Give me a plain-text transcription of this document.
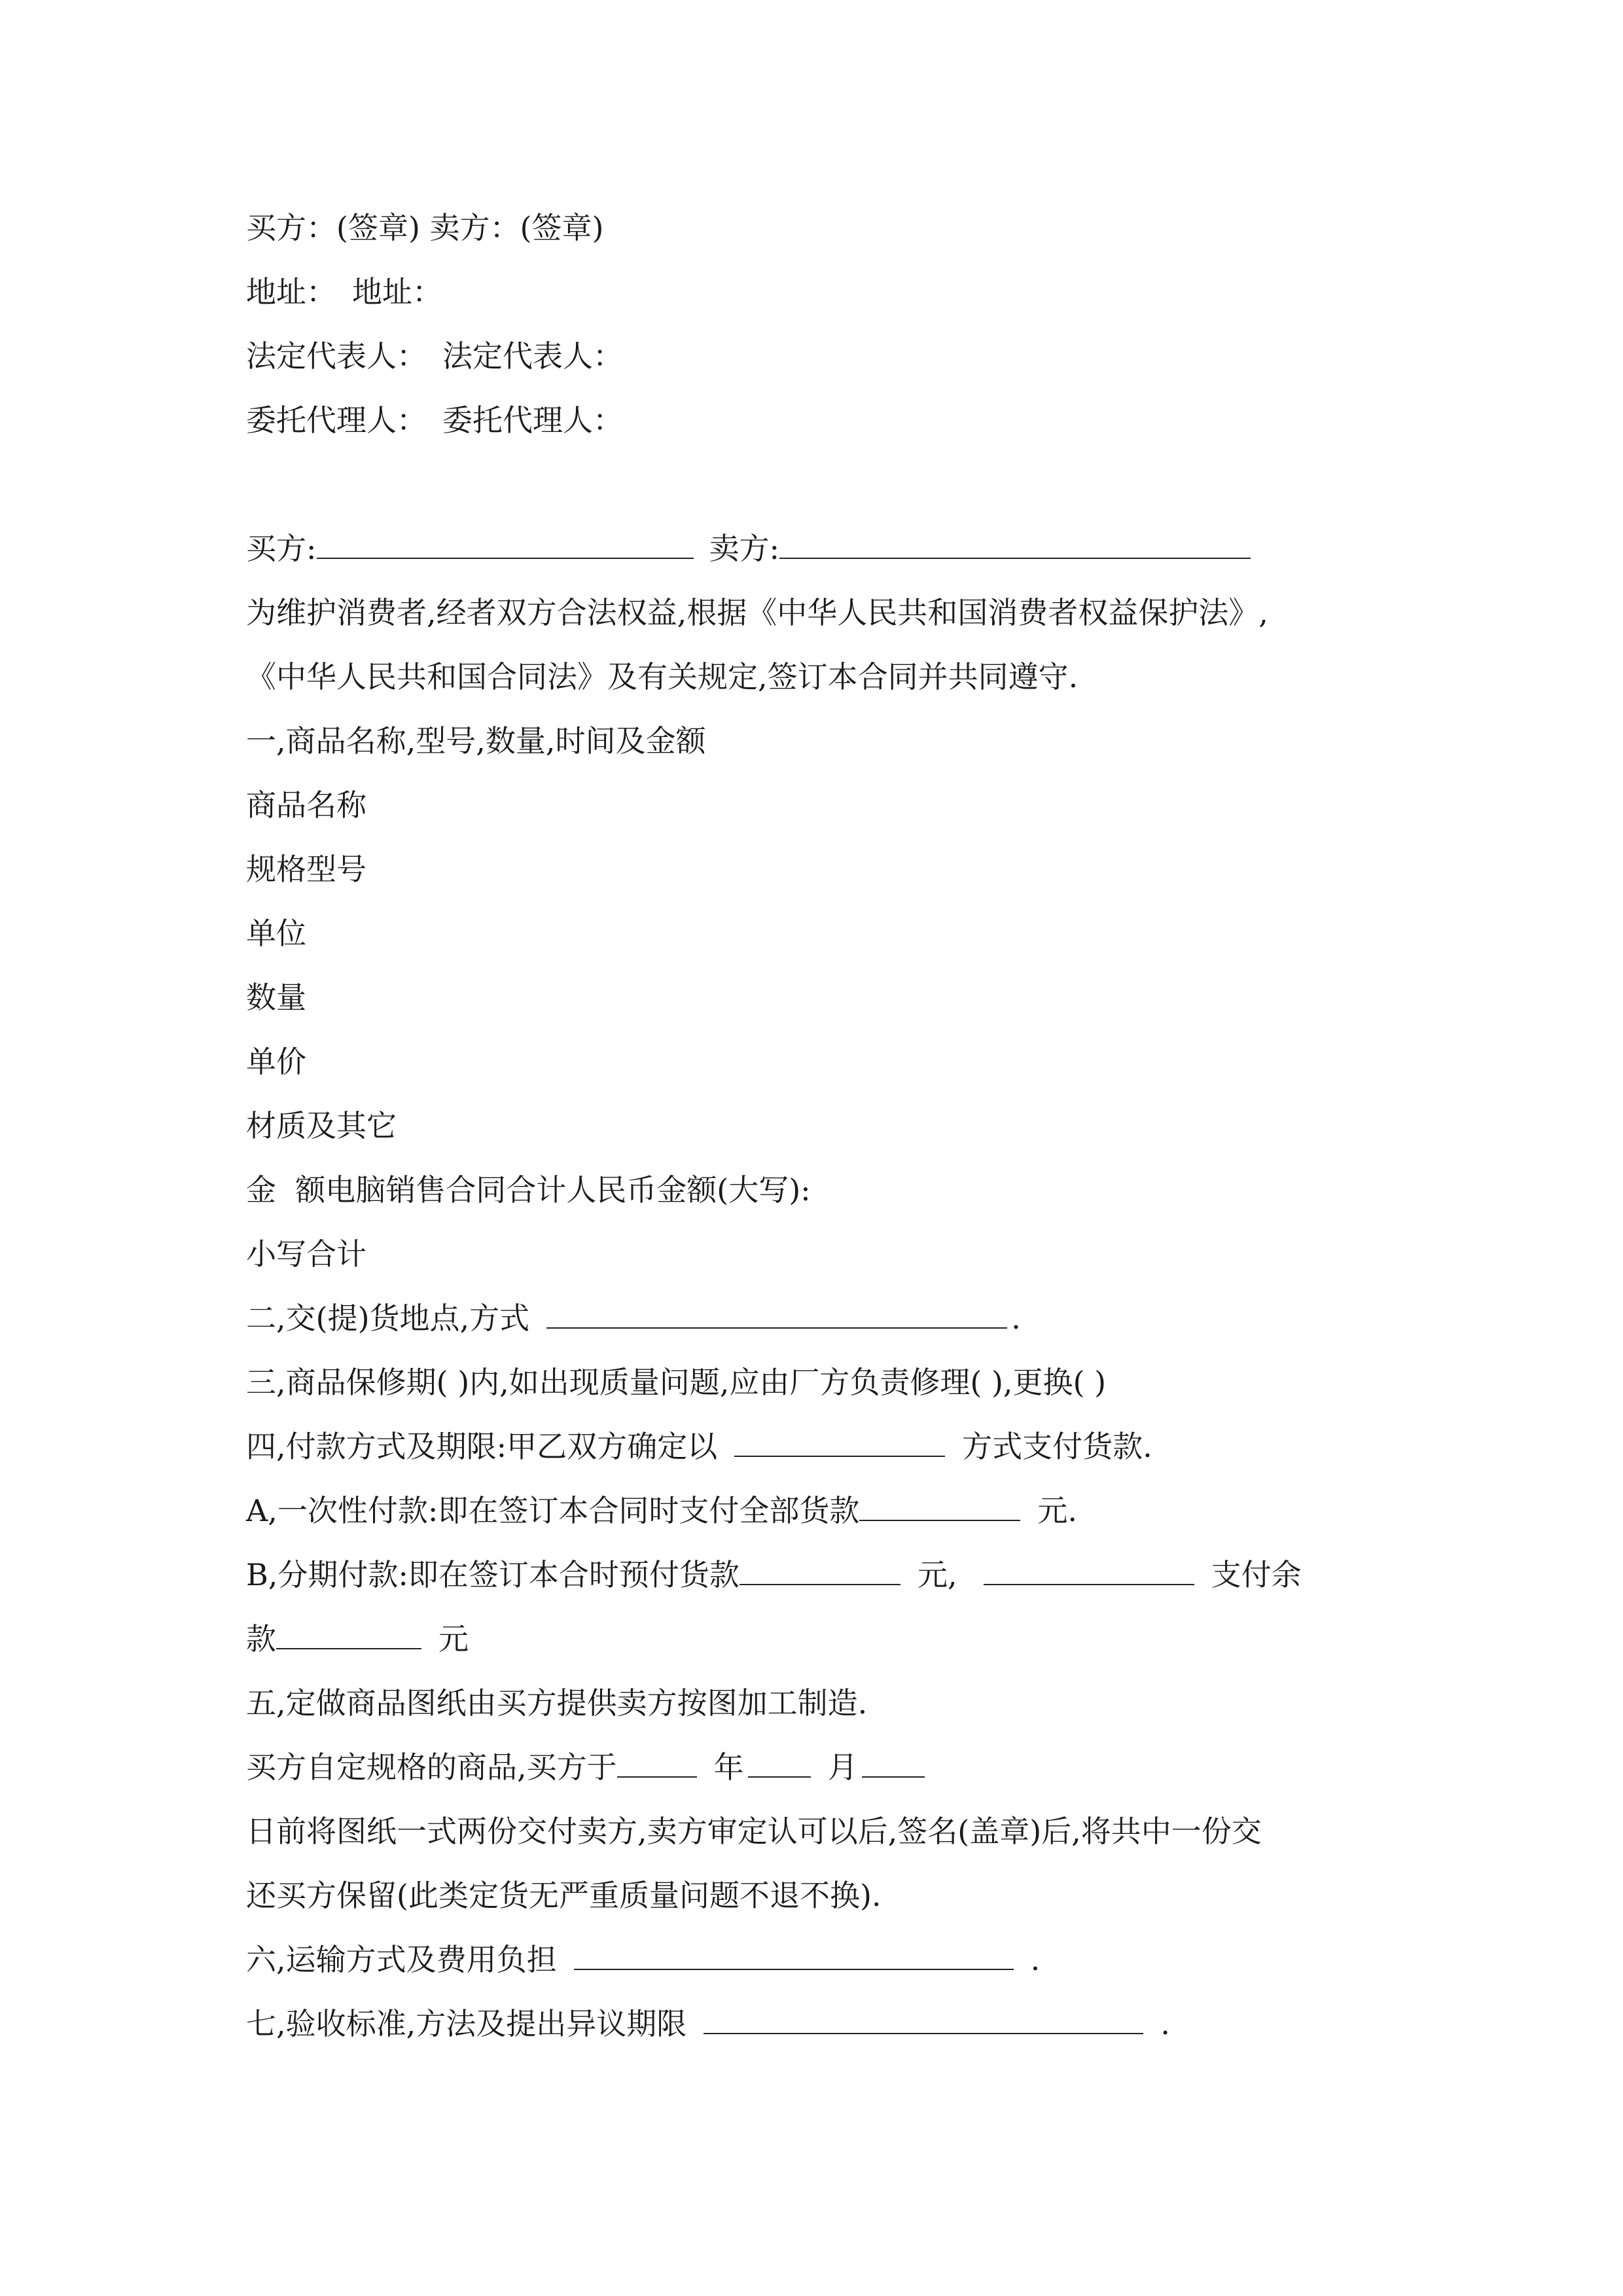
买方：(签章) 卖方：(签章)
地址： 地址：
法定代表人： 法定代表人：
委托代理人： 委托代理人：
买方:	卖方:
为维护消费者,经者双方合法权益,根据《中华人民共和国消费者权益保护法》,
《中华人民共和国合同法》及有关规定,签订本合同并共同遵守.
一,商品名称,型号,数量,时间及金额
商品名称
规格型号
单位
数量
单价
材质及其它
金  额电脑销售合同合计人民币金额(大写):
小写合计
二,交(提)货地点,方式	.
三,商品保修期( )内,如出现质量问题,应由厂方负责修理( ),更换( )
四,付款方式及期限:甲乙双方确定以	方式支付货款.
A,一次性付款:即在签订本合同时支付全部货款	元.
B,分期付款:即在签订本合时预付货款	元,	支付余
款	元
五,定做商品图纸由买方提供卖方按图加工制造.
买方自定规格的商品,买方于	年	月
日前将图纸一式两份交付卖方,卖方审定认可以后,签名(盖章)后,将共中一份交
还买方保留(此类定货无严重质量问题不退不换).
六,运输方式及费用负担	.
七,验收标准,方法及提出异议期限	.
